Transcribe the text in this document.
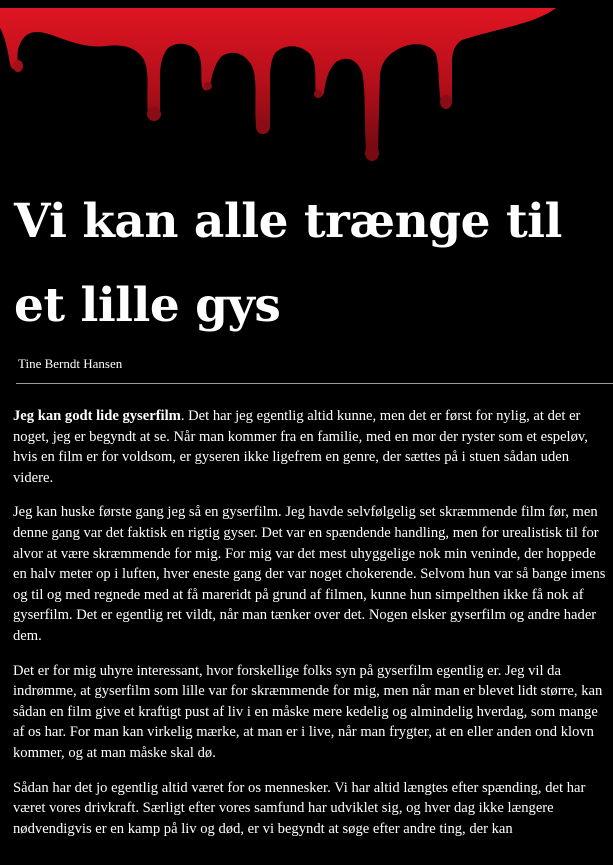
Vi kan alle trænge til et lille gys
Tine Berndt Hansen

Jeg kan godt lide gyserfilm. Det har jeg egentlig altid kunne, men det er først for nylig, at det er noget, jeg er begyndt at se. Når man kommer fra en familie, med en mor der ryster som et espeløv, hvis en film er for voldsom, er gyseren ikke ligefrem en genre, der sættes på i stuen sådan uden videre.

Jeg kan huske første gang jeg så en gyserfilm. Jeg havde selvfølgelig set skræmmende film før, men denne gang var det faktisk en rigtig gyser. Det var en spændende handling, men for urealistisk til for alvor at være skræmmende for mig. For mig var det mest uhyggelige nok min veninde, der hoppede en halv meter op i luften, hver eneste gang der var noget chokerende. Selvom hun var så bange imens og til og med regnede med at få mareridt på grund af filmen, kunne hun simpelthen ikke få nok af gyserfilm. Det er egentlig ret vildt, når man tænker over det. Nogen elsker gyserfilm og andre hader dem.

Det er for mig uhyre interessant, hvor forskellige folks syn på gyserfilm egentlig er. Jeg vil da indrømme, at gyserfilm som lille var for skræmmende for mig, men når man er blevet lidt større, kan sådan en film give et kraftigt pust af liv i en måske mere kedelig og almindelig hverdag, som mange af os har. For man kan virkelig mærke, at man er i live, når man frygter, at en eller anden ond klovn kommer, og at man måske skal dø.

Sådan har det jo egentlig altid været for os mennesker. Vi har altid længtes efter spænding, det har været vores drivkraft. Særligt efter vores samfund har udviklet sig, og hver dag ikke længere nødvendigvis er en kamp på liv og død, er vi begyndt at søge efter andre ting, der kan
